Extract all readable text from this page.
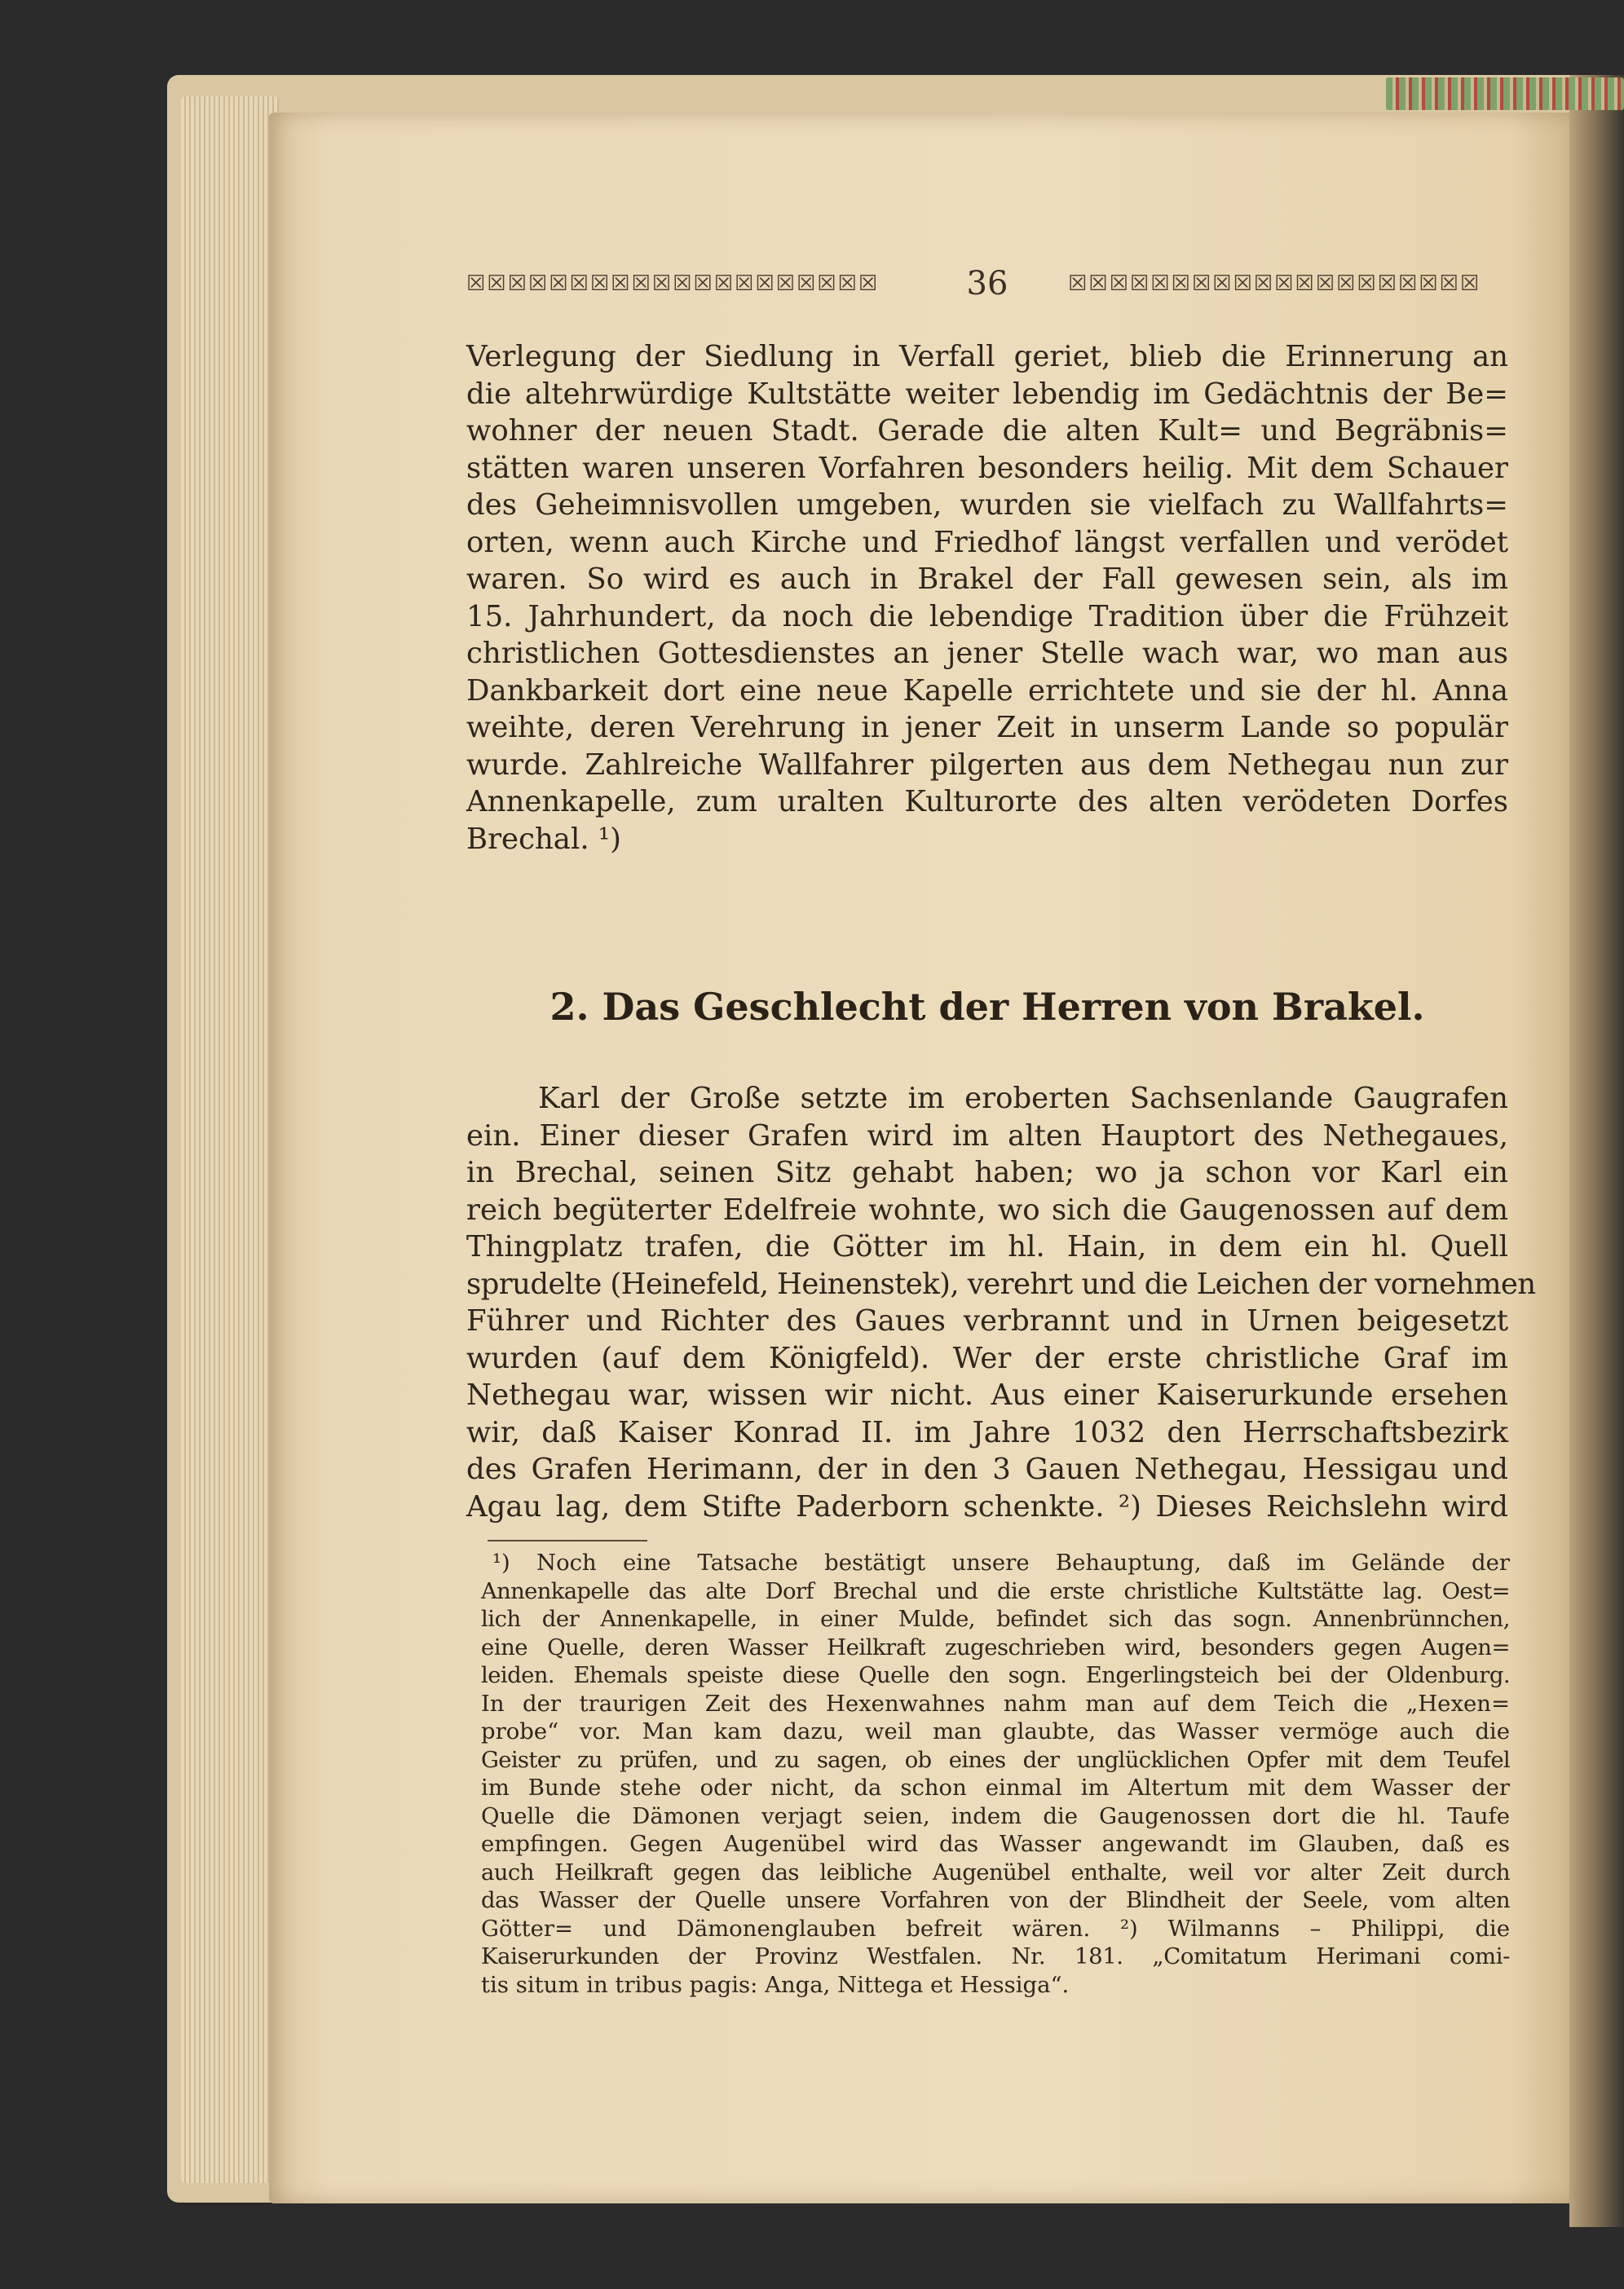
☒☒☒☒☒☒☒☒☒☒☒☒☒☒☒☒☒☒☒☒	36	☒☒☒☒☒☒☒☒☒☒☒☒☒☒☒☒☒☒☒☒
Verlegung der Siedlung in Verfall geriet, blieb die Erinnerung an
die altehrwürdige Kultstätte weiter lebendig im Gedächtnis der Be=
wohner der neuen Stadt. Gerade die alten Kult= und Begräbnis=
stätten waren unseren Vorfahren besonders heilig. Mit dem Schauer
des Geheimnisvollen umgeben, wurden sie vielfach zu Wallfahrts=
orten, wenn auch Kirche und Friedhof längst verfallen und verödet
waren. So wird es auch in Brakel der Fall gewesen sein, als im
15. Jahrhundert, da noch die lebendige Tradition über die Frühzeit
christlichen Gottesdienstes an jener Stelle wach war, wo man aus
Dankbarkeit dort eine neue Kapelle errichtete und sie der hl. Anna
weihte, deren Verehrung in jener Zeit in unserm Lande so populär
wurde. Zahlreiche Wallfahrer pilgerten aus dem Nethegau nun zur
Annenkapelle, zum uralten Kulturorte des alten verödeten Dorfes
Brechal. ¹)
2. Das Geschlecht der Herren von Brakel.
Karl der Große setzte im eroberten Sachsenlande Gaugrafen
ein. Einer dieser Grafen wird im alten Hauptort des Nethegaues,
in Brechal, seinen Sitz gehabt haben; wo ja schon vor Karl ein
reich begüterter Edelfreie wohnte, wo sich die Gaugenossen auf dem
Thingplatz trafen, die Götter im hl. Hain, in dem ein hl. Quell
sprudelte (Heinefeld, Heinenstek), verehrt und die Leichen der vornehmen
Führer und Richter des Gaues verbrannt und in Urnen beigesetzt
wurden (auf dem Königfeld). Wer der erste christliche Graf im
Nethegau war, wissen wir nicht. Aus einer Kaiserurkunde ersehen
wir, daß Kaiser Konrad II. im Jahre 1032 den Herrschaftsbezirk
des Grafen Herimann, der in den 3 Gauen Nethegau, Hessigau und
Agau lag, dem Stifte Paderborn schenkte. ²) Dieses Reichslehn wird
¹) Noch eine Tatsache bestätigt unsere Behauptung, daß im Gelände der
Annenkapelle das alte Dorf Brechal und die erste christliche Kultstätte lag. Oest=
lich der Annenkapelle, in einer Mulde, befindet sich das sogn. Annenbrünnchen,
eine Quelle, deren Wasser Heilkraft zugeschrieben wird, besonders gegen Augen=
leiden. Ehemals speiste diese Quelle den sogn. Engerlingsteich bei der Oldenburg.
In der traurigen Zeit des Hexenwahnes nahm man auf dem Teich die „Hexen=
probe“ vor. Man kam dazu, weil man glaubte, das Wasser vermöge auch die
Geister zu prüfen, und zu sagen, ob eines der unglücklichen Opfer mit dem Teufel
im Bunde stehe oder nicht, da schon einmal im Altertum mit dem Wasser der
Quelle die Dämonen verjagt seien, indem die Gaugenossen dort die hl. Taufe
empfingen. Gegen Augenübel wird das Wasser angewandt im Glauben, daß es
auch Heilkraft gegen das leibliche Augenübel enthalte, weil vor alter Zeit durch
das Wasser der Quelle unsere Vorfahren von der Blindheit der Seele, vom alten
Götter= und Dämonenglauben befreit wären. ²) Wilmanns – Philippi, die
Kaiserurkunden der Provinz Westfalen. Nr. 181. „Comitatum Herimani comi-
tis situm in tribus pagis: Anga, Nittega et Hessiga“.
